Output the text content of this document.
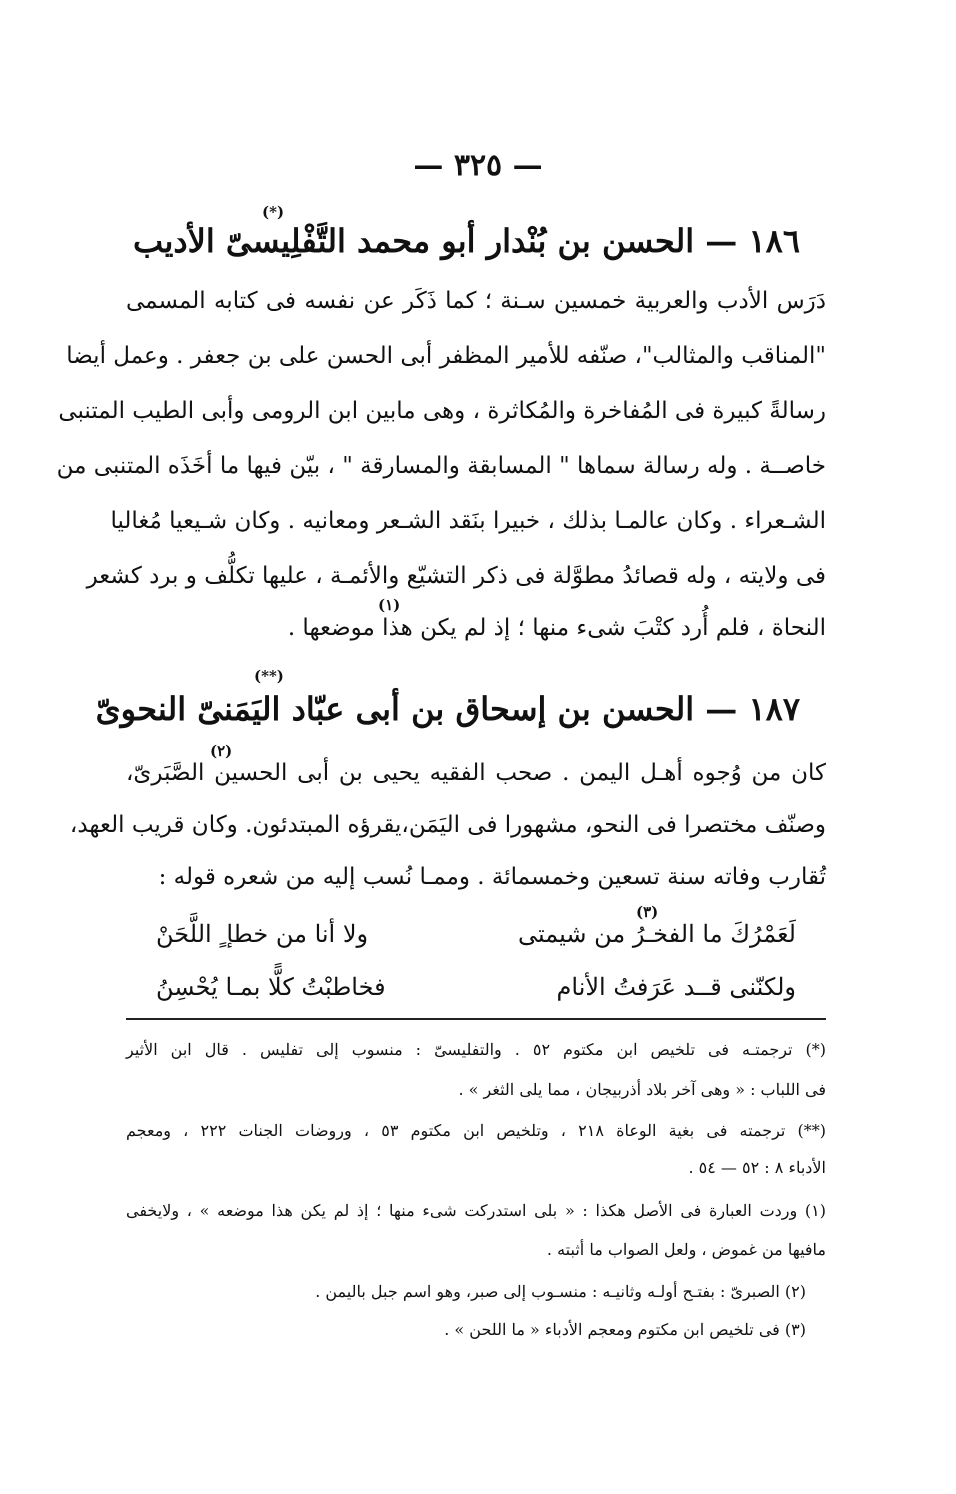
— ٣٢٥ —
(*)
١٨٦ — الحسن بن بُنْدار أبو محمد التَّفْلِيسىّ الأديب
دَرَس الأدب والعربية خمسين سـنة ؛ كما ذَكَر عن نفسه فى كتابه المسمى
"المناقب والمثالب"، صنّفه للأمير المظفر أبى الحسن على بن جعفر . وعمل أيضا
رسالةً كبيرة فى المُفاخرة والمُكاثرة ، وهى مابين ابن الرومى وأبى الطيب المتنبى
خاصــة . وله رسالة سماها " المسابقة والمسارقة " ، بيّن فيها ما أخَذَه المتنبى من
الشـعراء . وكان عالمـا بذلك ، خبيرا بنَقد الشـعر ومعانيه . وكان شـيعيا مُغاليا
فى ولايته ، وله قصائدُ مطوَّلة فى ذكر التشيّع والأئمـة ، عليها تكلُّف و برد كشعر
(١)
النحاة ، فلم أُرد كتْبَ شىء منها ؛ إذ لم يكن هذا موضعها .
(**)
١٨٧ — الحسن بن إسحاق بن أبى عبّاد اليَمَنىّ النحوىّ
(٢)
كان من وُجوه أهـل اليمن . صحب الفقيه يحيى بن أبى الحسين الصَّبَرىّ،
وصنّف مختصرا فى النحو، مشهورا فى اليَمَن،يقرؤه المبتدئون. وكان قريب العهد،
تُقارب وفاته سنة تسعين وخمسمائة . وممـا نُسب إليه من شعره قوله :
(٣)
لَعَمْرُكَ ما الفخـرُ من شيمتى
ولا أنا من خطإ ٍ اللَّحَنْ
ولكنّنى قــد عَرَفتُ الأنام
فخاطبْتُ كلًّا بمـا يُحْسِنُ
(*) ترجمتـه فى تلخيص ابن مكتوم ٥٢ . والتفليسىّ : منسوب إلى تفليس . قال ابن الأثير
فى اللباب : « وهى آخر بلاد أذربيجان ، مما يلى الثغر » .
(**) ترجمته فى بغية الوعاة ٢١٨ ، وتلخيص ابن مكتوم ٥٣ ، وروضات الجنات ٢٢٢ ، ومعجم
الأدباء ٨ : ٥٢ — ٥٤ .
(١) وردت العبارة فى الأصل هكذا : « بلى استدركت شىء منها ؛ إذ لم يكن هذا موضعه » ، ولايخفى
مافيها من غموض ، ولعل الصواب ما أثبته .
(٢) الصبرىّ : بفتـح أولـه وثانيـه : منسـوب إلى صبر، وهو اسم جبل باليمن .
(٣) فى تلخيص ابن مكتوم ومعجم الأدباء « ما اللحن » .
